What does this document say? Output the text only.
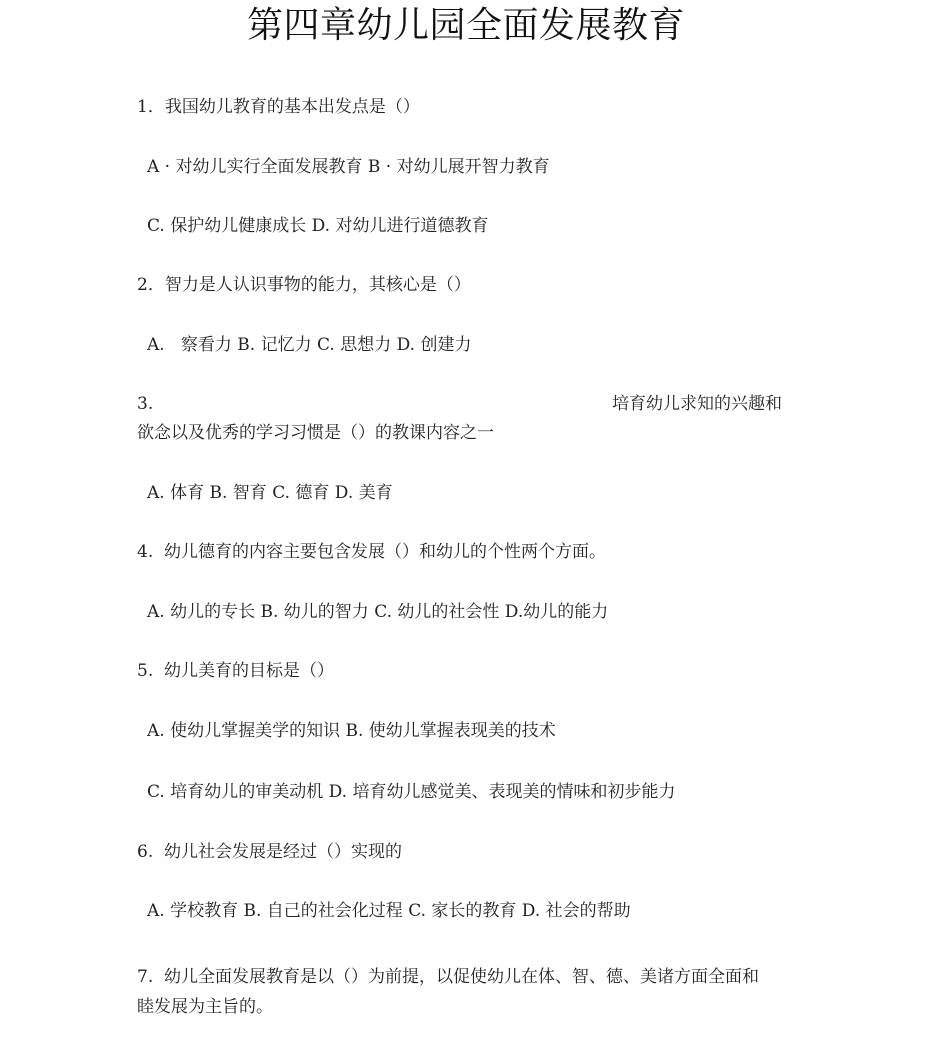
第四章幼儿园全面发展教育
1．我国幼儿教育的基本出发点是（）
A · 对幼儿实行全面发展教育 B · 对幼儿展开智力教育
C. 保护幼儿健康成长 D. 对幼儿进行道德教育
2．智力是人认识事物的能力，其核心是（）
A.   察看力 B. 记忆力 C. 思想力 D. 创建力
3.	培育幼儿求知的兴趣和
欲念以及优秀的学习习惯是（）的教课内容之一
A. 体育 B. 智育 C. 德育 D. 美育
4.  幼儿德育的内容主要包含发展（）和幼儿的个性两个方面。
A. 幼儿的专长 B. 幼儿的智力 C. 幼儿的社会性 D.幼儿的能力
5.  幼儿美育的目标是（）
A. 使幼儿掌握美学的知识 B. 使幼儿掌握表现美的技术
C. 培育幼儿的审美动机 D. 培育幼儿感觉美、表现美的情味和初步能力
6.  幼儿社会发展是经过（）实现的
A. 学校教育 B. 自己的社会化过程 C. 家长的教育 D. 社会的帮助
7.  幼儿全面发展教育是以（）为前提，以促使幼儿在体、智、德、美诸方面全面和
睦发展为主旨的。
